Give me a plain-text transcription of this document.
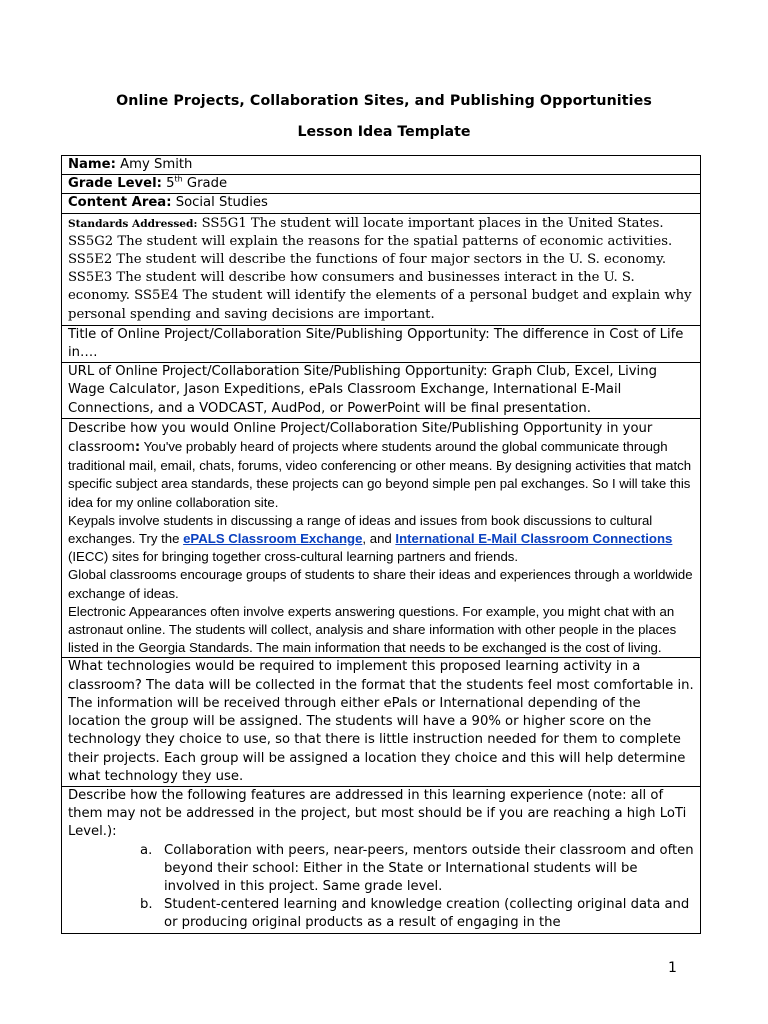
Online Projects, Collaboration Sites, and Publishing Opportunities
Lesson Idea Template
Name: Amy Smith
Grade Level: 5th Grade
Content Area: Social Studies
Standards Addressed: SS5G1 The student will locate important places in the United States. SS5G2 The student will explain the reasons for the spatial patterns of economic activities. SS5E2 The student will describe the functions of four major sectors in the U. S. economy. SS5E3 The student will describe how consumers and businesses interact in the U. S. economy. SS5E4 The student will identify the elements of a personal budget and explain why personal spending and saving decisions are important.
Title of Online Project/Collaboration Site/Publishing Opportunity: The difference in Cost of Life in….
URL of Online Project/Collaboration Site/Publishing Opportunity: Graph Club, Excel, Living Wage Calculator, Jason Expeditions, ePals Classroom Exchange, International E-Mail Connections, and a VODCAST, AudPod, or PowerPoint will be final presentation.
Describe how you would Online Project/Collaboration Site/Publishing Opportunity in your classroom: You've probably heard of projects where students around the global communicate through traditional mail, email, chats, forums, video conferencing or other means. By designing activities that match specific subject area standards, these projects can go beyond simple pen pal exchanges. So I will take this idea for my online collaboration site.
Keypals involve students in discussing a range of ideas and issues from book discussions to cultural exchanges. Try the ePALS Classroom Exchange, and International E-Mail Classroom Connections (IECC) sites for bringing together cross-cultural learning partners and friends.
Global classrooms encourage groups of students to share their ideas and experiences through a worldwide exchange of ideas.
Electronic Appearances often involve experts answering questions. For example, you might chat with an astronaut online. The students will collect, analysis and share information with other people in the places listed in the Georgia Standards. The main information that needs to be exchanged is the cost of living.
What technologies would be required to implement this proposed learning activity in a classroom? The data will be collected in the format that the students feel most comfortable in. The information will be received through either ePals or International depending of the location the group will be assigned. The students will have a 90% or higher score on the technology they choice to use, so that there is little instruction needed for them to complete their projects. Each group will be assigned a location they choice and this will help determine what technology they use.

Describe how the following features are addressed in this learning experience (note: all of them may not be addressed in the project, but most should be if you are reaching a high LoTi Level.):
a. Collaboration with peers, near-peers, mentors outside their classroom and often beyond their school: Either in the State or International students will be involved in this project. Same grade level.
b. Student-centered learning and knowledge creation (collecting original data and or producing original products as a result of engaging in the
1
